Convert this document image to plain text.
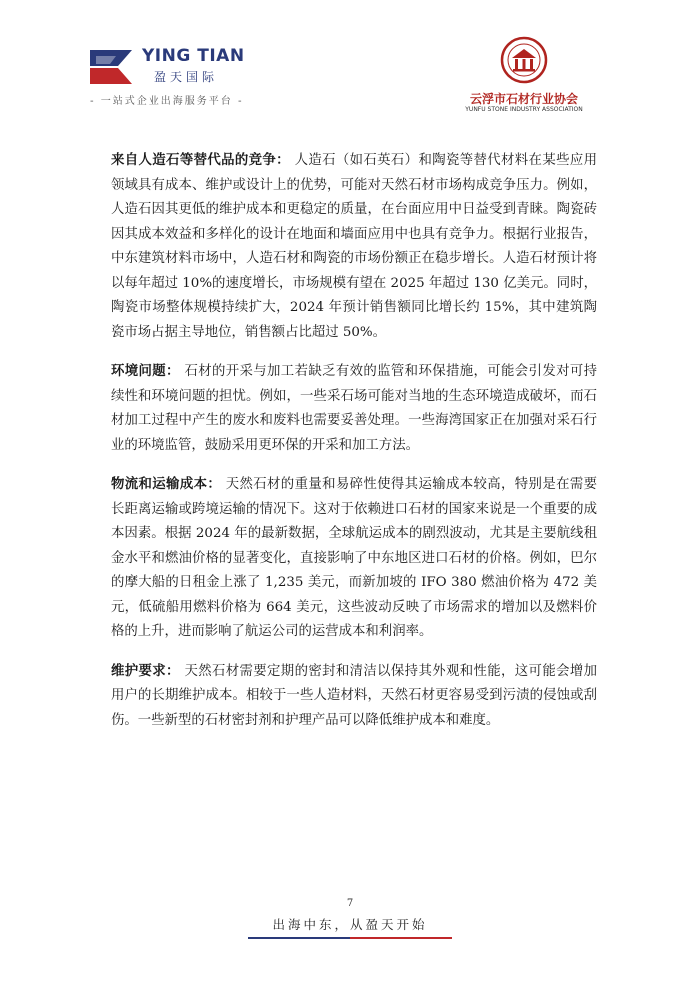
YING TIAN
盈天国际
- 一站式企业出海服务平台 -	云浮市石材行业协会
YUNFU STONE INDUSTRY ASSOCIATION

来自人造石等替代品的竞争： 人造石（如石英石）和陶瓷等替代材料在某些应用领域具有成本、维护或设计上的优势，可能对天然石材市场构成竞争压力。例如，人造石因其更低的维护成本和更稳定的质量，在台面应用中日益受到青睐。陶瓷砖因其成本效益和多样化的设计在地面和墙面应用中也具有竞争力。根据行业报告，中东建筑材料市场中，人造石材和陶瓷的市场份额正在稳步增长。人造石材预计将以每年超过 10%的速度增长，市场规模有望在 2025 年超过 130 亿美元。同时，陶瓷市场整体规模持续扩大，2024 年预计销售额同比增长约 15%，其中建筑陶瓷市场占据主导地位，销售额占比超过 50%。

环境问题： 石材的开采与加工若缺乏有效的监管和环保措施，可能会引发对可持续性和环境问题的担忧。例如，一些采石场可能对当地的生态环境造成破坏，而石材加工过程中产生的废水和废料也需要妥善处理。一些海湾国家正在加强对采石行业的环境监管，鼓励采用更环保的开采和加工方法。

物流和运输成本： 天然石材的重量和易碎性使得其运输成本较高，特别是在需要长距离运输或跨境运输的情况下。这对于依赖进口石材的国家来说是一个重要的成本因素。根据 2024 年的最新数据，全球航运成本的剧烈波动，尤其是主要航线租金水平和燃油价格的显著变化，直接影响了中东地区进口石材的价格。例如，巴尔的摩大船的日租金上涨了 1,235 美元，而新加坡的 IFO 380 燃油价格为 472 美元，低硫船用燃料价格为 664 美元，这些波动反映了市场需求的增加以及燃料价格的上升，进而影响了航运公司的运营成本和利润率。

维护要求： 天然石材需要定期的密封和清洁以保持其外观和性能，这可能会增加用户的长期维护成本。相较于一些人造材料，天然石材更容易受到污渍的侵蚀或刮伤。一些新型的石材密封剂和护理产品可以降低维护成本和难度。

7
出海中东，从盈天开始
